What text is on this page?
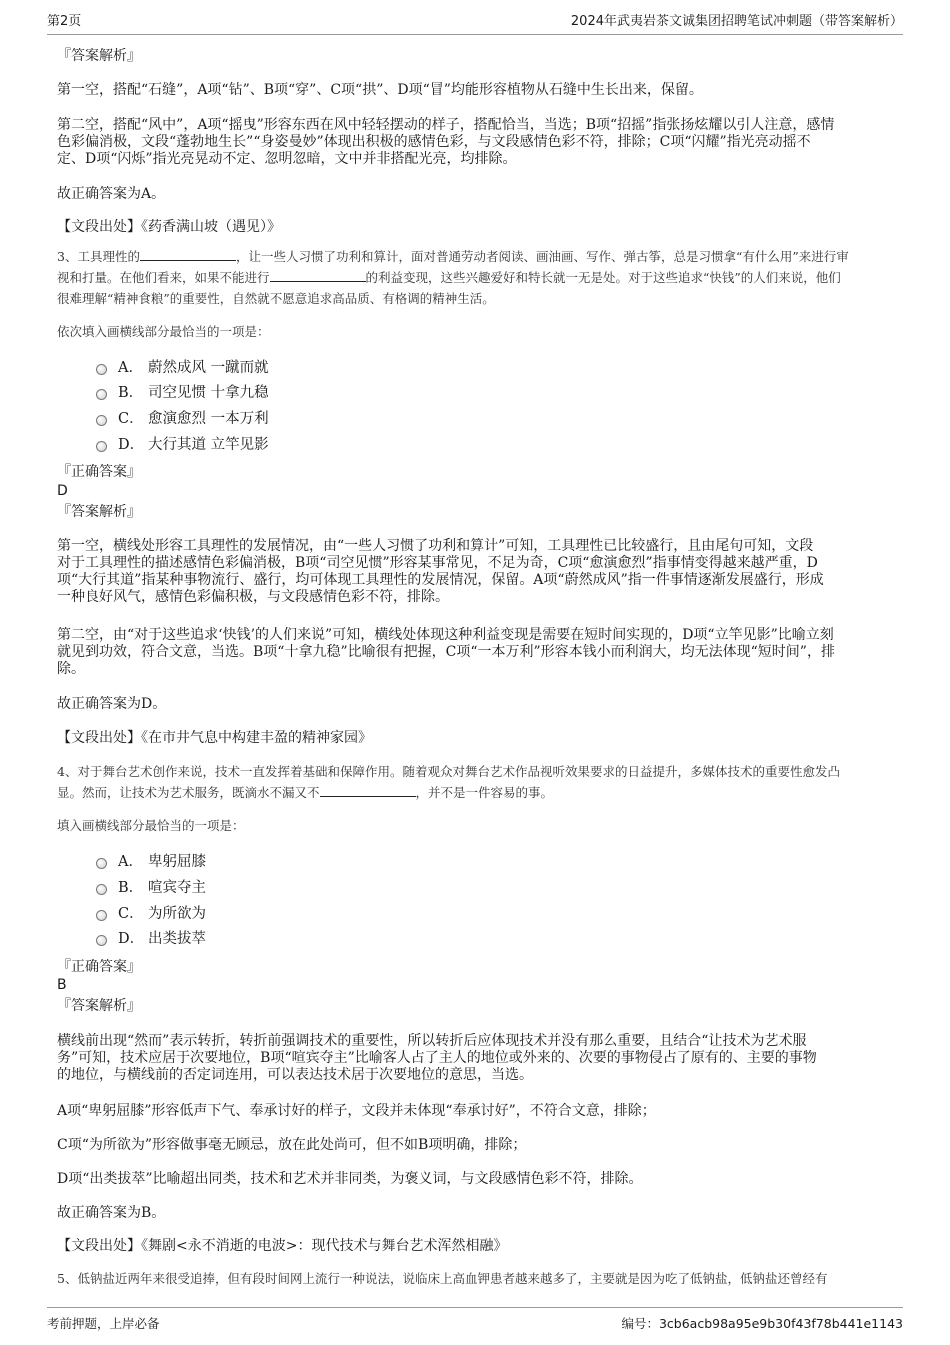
第2页	2024年武夷岩茶文诚集团招聘笔试冲刺题（带答案解析）
『答案解析』
第一空，搭配“石缝”，A项“钻”、B项“穿”、C项“拱”、D项“冒”均能形容植物从石缝中生长出来，保留。
第二空，搭配“风中”，A项“摇曳”形容东西在风中轻轻摆动的样子，搭配恰当，当选；B项“招摇”指张扬炫耀以引人注意，感情
色彩偏消极，文段“蓬勃地生长”“身姿曼妙”体现出积极的感情色彩，与文段感情色彩不符，排除；C项“闪耀”指光亮动摇不
定、D项“闪烁”指光亮晃动不定、忽明忽暗，文中并非搭配光亮，均排除。
故正确答案为A。
【文段出处】《药香满山坡（遇见）》
3、工具理性的	，让一些人习惯了功利和算计，面对普通劳动者阅读、画油画、写作、弹古筝，总是习惯拿“有什么用”来进行审
视和打量。在他们看来，如果不能进行	的利益变现，这些兴趣爱好和特长就一无是处。对于这些追求“快钱”的人们来说，他们
很难理解“精神食粮”的重要性，自然就不愿意追求高品质、有格调的精神生活。
依次填入画横线部分最恰当的一项是：
A． 蔚然成风 一蹴而就
B． 司空见惯 十拿九稳
C． 愈演愈烈 一本万利
D． 大行其道 立竿见影
『正确答案』
D
『答案解析』
第一空，横线处形容工具理性的发展情况，由“一些人习惯了功利和算计”可知，工具理性已比较盛行，且由尾句可知，文段
对于工具理性的描述感情色彩偏消极，B项“司空见惯”形容某事常见，不足为奇，C项“愈演愈烈”指事情变得越来越严重，D
项“大行其道”指某种事物流行、盛行，均可体现工具理性的发展情况，保留。A项“蔚然成风”指一件事情逐渐发展盛行，形成
一种良好风气，感情色彩偏积极，与文段感情色彩不符，排除。
第二空，由“对于这些追求‘快钱’的人们来说”可知，横线处体现这种利益变现是需要在短时间实现的，D项“立竿见影”比喻立刻
就见到功效，符合文意，当选。B项“十拿九稳”比喻很有把握，C项“一本万利”形容本钱小而利润大，均无法体现“短时间”，排
除。
故正确答案为D。
【文段出处】《在市井气息中构建丰盈的精神家园》
4、对于舞台艺术创作来说，技术一直发挥着基础和保障作用。随着观众对舞台艺术作品视听效果要求的日益提升，多媒体技术的重要性愈发凸
显。然而，让技术为艺术服务，既滴水不漏又不	，并不是一件容易的事。
填入画横线部分最恰当的一项是：
A． 卑躬屈膝
B． 喧宾夺主
C． 为所欲为
D． 出类拔萃
『正确答案』
B
『答案解析』
横线前出现“然而”表示转折，转折前强调技术的重要性，所以转折后应体现技术并没有那么重要，且结合“让技术为艺术服
务”可知，技术应居于次要地位，B项“喧宾夺主”比喻客人占了主人的地位或外来的、次要的事物侵占了原有的、主要的事物
的地位，与横线前的否定词连用，可以表达技术居于次要地位的意思，当选。
A项“卑躬屈膝”形容低声下气、奉承讨好的样子，文段并未体现“奉承讨好”，不符合文意，排除；
C项“为所欲为”形容做事毫无顾忌，放在此处尚可，但不如B项明确，排除；
D项“出类拔萃”比喻超出同类，技术和艺术并非同类，为褒义词，与文段感情色彩不符，排除。
故正确答案为B。
【文段出处】《舞剧<永不消逝的电波>：现代技术与舞台艺术浑然相融》
5、低钠盐近两年来很受追捧，但有段时间网上流行一种说法，说临床上高血钾患者越来越多了，主要就是因为吃了低钠盐，低钠盐还曾经有
考前押题，上岸必备	编号：3cb6acb98a95e9b30f43f78b441e1143
